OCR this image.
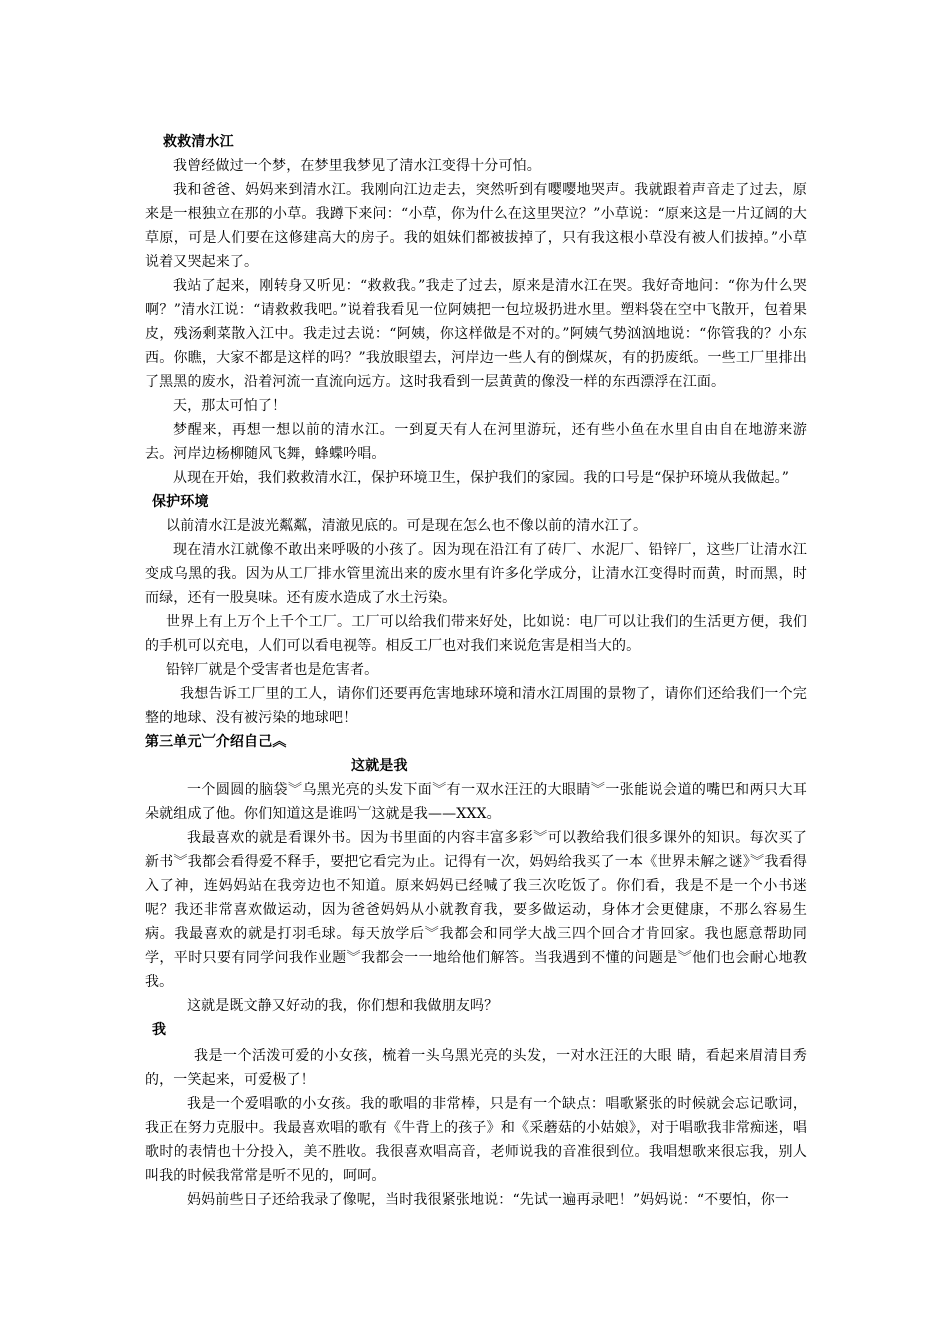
救救清水江
我曾经做过一个梦，在梦里我梦见了清水江变得十分可怕。
我和爸爸、妈妈来到清水江。我刚向江边走去，突然听到有嘤嘤地哭声。我就跟着声音走了过去，原来是一根独立在那的小草。我蹲下来问：“小草，你为什么在这里哭泣？”小草说：“原来这是一片辽阔的大草原，可是人们要在这修建高大的房子。我的姐妹们都被拔掉了，只有我这根小草没有被人们拔掉。”小草说着又哭起来了。
我站了起来，刚转身又听见：“救救我。”我走了过去，原来是清水江在哭。我好奇地问：“你为什么哭啊？”清水江说：“请救救我吧。”说着我看见一位阿姨把一包垃圾扔进水里。塑料袋在空中飞散开，包着果皮，残汤剩菜散入江中。我走过去说：“阿姨，你这样做是不对的。”阿姨气势汹汹地说：“你管我的？小东西。你瞧，大家不都是这样的吗？”我放眼望去，河岸边一些人有的倒煤灰，有的扔废纸。一些工厂里排出了黑黑的废水，沿着河流一直流向远方。这时我看到一层黄黄的像没一样的东西漂浮在江面。
天，那太可怕了！
梦醒来，再想一想以前的清水江。一到夏天有人在河里游玩，还有些小鱼在水里自由自在地游来游去。河岸边杨柳随风飞舞，蜂蝶吟唱。
从现在开始，我们救救清水江，保护环境卫生，保护我们的家园。我的口号是“保护环境从我做起。”
保护环境
以前清水江是波光粼粼，清澈见底的。可是现在怎么也不像以前的清水江了。
现在清水江就像不敢出来呼吸的小孩了。因为现在沿江有了砖厂、水泥厂、铅锌厂，这些厂让清水江变成乌黑的我。因为从工厂排水管里流出来的废水里有许多化学成分，让清水江变得时而黄，时而黑，时而绿，还有一股臭味。还有废水造成了水土污染。
世界上有上万个上千个工厂。工厂可以给我们带来好处，比如说：电厂可以让我们的生活更方便，我们的手机可以充电，人们可以看电视等。相反工厂也对我们来说危害是相当大的。
铅锌厂就是个受害者也是危害者。
我想告诉工厂里的工人，请你们还要再危害地球环境和清水江周围的景物了，请你们还给我们一个完整的地球、没有被污染的地球吧！
第三单元︺介绍自己︽
这就是我
一个圆圆的脑袋︾乌黑光亮的头发下面︾有一双水汪汪的大眼睛︾一张能说会道的嘴巴和两只大耳朵就组成了他。你们知道这是谁吗︺这就是我——XXX。
我最喜欢的就是看课外书。因为书里面的内容丰富多彩︾可以教给我们很多课外的知识。每次买了新书︾我都会看得爱不释手，要把它看完为止。记得有一次，妈妈给我买了一本《世界未解之谜》︾我看得入了神，连妈妈站在我旁边也不知道。原来妈妈已经喊了我三次吃饭了。你们看，我是不是一个小书迷呢？我还非常喜欢做运动，因为爸爸妈妈从小就教育我，要多做运动，身体才会更健康，不那么容易生病。我最喜欢的就是打羽毛球。每天放学后︾我都会和同学大战三四个回合才肯回家。我也愿意帮助同学，平时只要有同学问我作业题︾我都会一一地给他们解答。当我遇到不懂的问题是︾他们也会耐心地教我。
这就是既文静又好动的我，你们想和我做朋友吗？
我
我是一个活泼可爱的小女孩，梳着一头乌黑光亮的头发，一对水汪汪的大眼 睛，看起来眉清目秀的，一笑起来，可爱极了！
我是一个爱唱歌的小女孩。我的歌唱的非常棒，只是有一个缺点：唱歌紧张的时候就会忘记歌词，我正在努力克服中。我最喜欢唱的歌有《牛背上的孩子》和《采蘑菇的小姑娘》，对于唱歌我非常痴迷，唱歌时的表情也十分投入，美不胜收。我很喜欢唱高音，老师说我的音准很到位。我唱想歌来很忘我，别人叫我的时候我常常是听不见的，呵呵。
妈妈前些日子还给我录了像呢，当时我很紧张地说：“先试一遍再录吧！”妈妈说：“不要怕，你一
